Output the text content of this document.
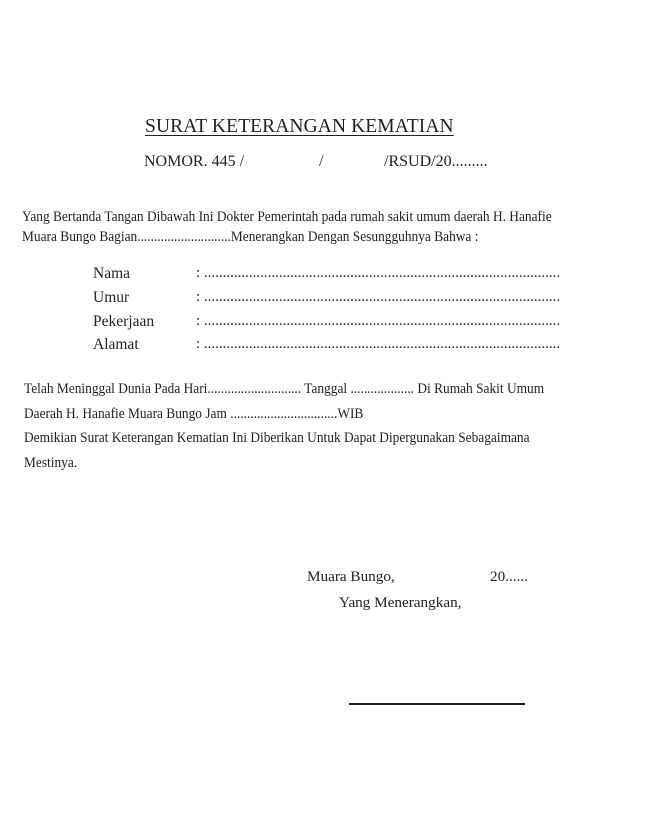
SURAT KETERANGAN KEMATIAN
NOMOR. 445 /	/	/RSUD/20.........
Yang Bertanda Tangan Dibawah Ini Dokter Pemerintah pada rumah sakit umum daerah H. Hanafie
Muara Bungo Bagian............................Menerangkan Dengan Sesungguhnya Bahwa :
Nama	: ...............................................................................................
Umur	: ...............................................................................................
Pekerjaan	: ...............................................................................................
Alamat	: ...............................................................................................
Telah Meninggal Dunia Pada Hari............................ Tanggal ................... Di Rumah Sakit Umum
Daerah H. Hanafie Muara Bungo Jam ................................WIB
Demikian Surat Keterangan Kematian Ini Diberikan Untuk Dapat Dipergunakan Sebagaimana
Mestinya.
Muara Bungo,	20......
Yang Menerangkan,
